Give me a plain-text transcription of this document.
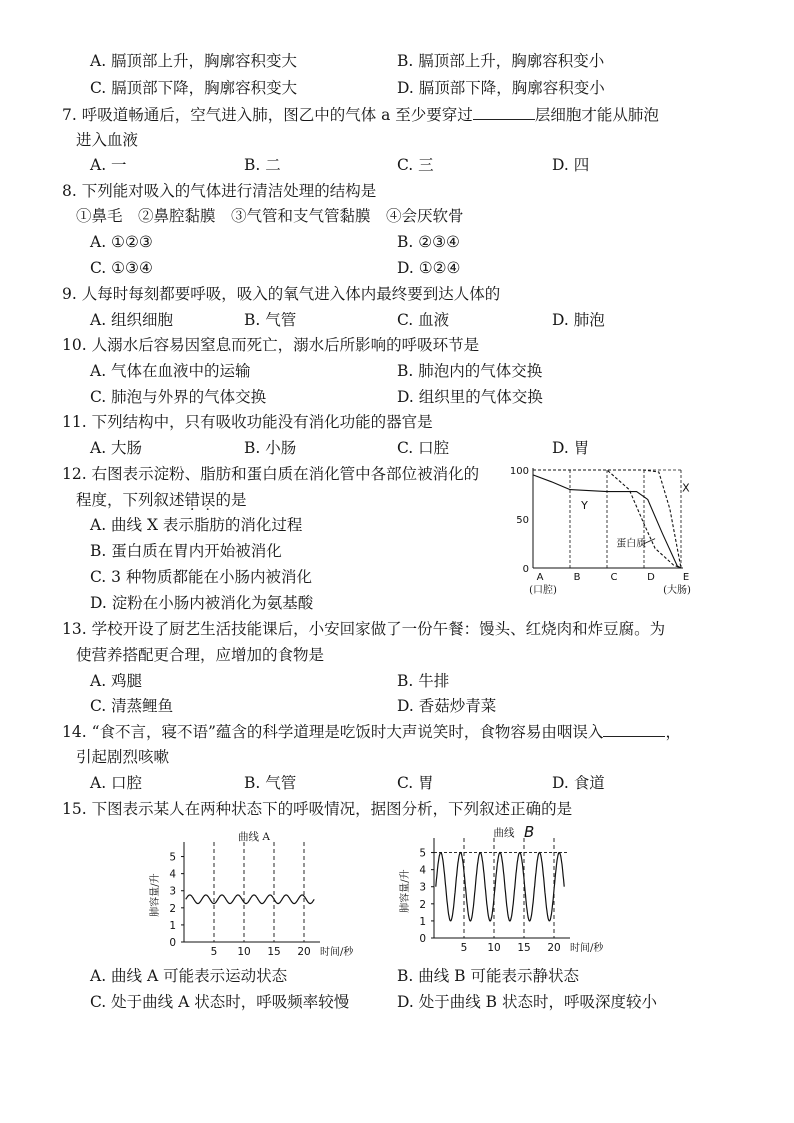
A. 膈顶部上升，胸廓容积变大	B. 膈顶部上升，胸廓容积变小
C. 膈顶部下降，胸廓容积变大	D. 膈顶部下降，胸廓容积变小
7. 呼吸道畅通后，空气进入肺，图乙中的气体 a 至少要穿过	层细胞才能从肺泡
进入血液
A. 一	B. 二	C. 三	D. 四
8. 下列能对吸入的气体进行清洁处理的结构是
①鼻毛　②鼻腔黏膜　③气管和支气管黏膜　④会厌软骨
A. ①②③	B. ②③④
C. ①③④	D. ①②④
9. 人每时每刻都要呼吸，吸入的氧气进入体内最终要到达人体的
A. 组织细胞	B. 气管	C. 血液	D. 肺泡
10. 人溺水后容易因窒息而死亡，溺水后所影响的呼吸环节是
A. 气体在血液中的运输	B. 肺泡内的气体交换
C. 肺泡与外界的气体交换	D. 组织里的气体交换
11. 下列结构中，只有吸收功能没有消化功能的器官是
A. 大肠	B. 小肠	C. 口腔	D. 胃
12. 右图表示淀粉、脂肪和蛋白质在消化管中各部位被消化的
程度，下列叙述错误的是
A. 曲线 X 表示脂肪的消化过程
B. 蛋白质在胃内开始被消化
C. 3 种物质都能在小肠内被消化
D. 淀粉在小肠内被消化为氨基酸
0
50
100
A	B	C	D	E
(口腔)	(大肠)
X
Y
蛋白质
13. 学校开设了厨艺生活技能课后，小安回家做了一份午餐：馒头、红烧肉和炸豆腐。为
使营养搭配更合理，应增加的食物是
A. 鸡腿	B. 牛排
C. 清蒸鲤鱼	D. 香菇炒青菜
14. “食不言，寝不语”蕴含的科学道理是吃饭时大声说笑时，食物容易由咽误入	，
引起剧烈咳嗽
A. 口腔	B. 气管	C. 胃	D. 食道
15. 下图表示某人在两种状态下的呼吸情况，据图分析，下列叙述正确的是
0
1
2
3
4
5
5 10 15 20 时间/秒
肺容量/升
曲线 A
0
1
2
3
4
5
5 10 15 20 时间/秒
肺容量/升
曲线 B
A. 曲线 A 可能表示运动状态	B. 曲线 B 可能表示静状态
C. 处于曲线 A 状态时，呼吸频率较慢	D. 处于曲线 B 状态时，呼吸深度较小
